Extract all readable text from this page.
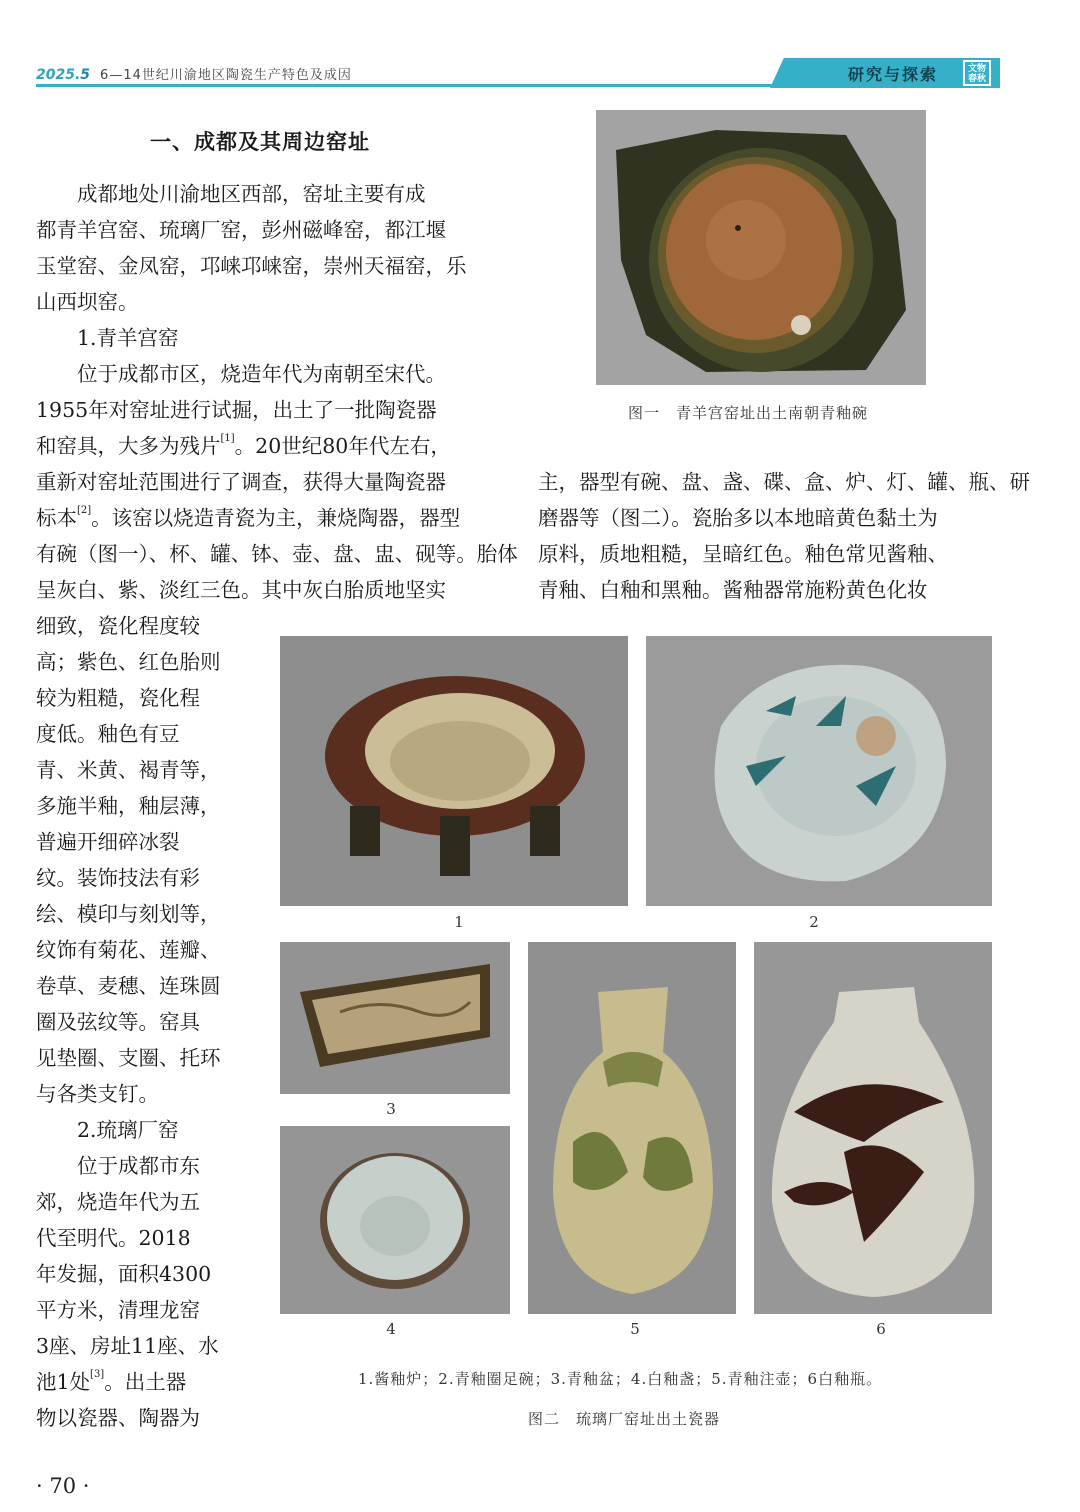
2025.5 6—14世纪川渝地区陶瓷生产特色及成因	研究与探索	文物
春秋
一、成都及其周边窑址
　　成都地处川渝地区西部，窑址主要有成
都青羊宫窑、琉璃厂窑，彭州磁峰窑，都江堰
玉堂窑、金凤窑，邛崃邛崃窑，崇州天福窑，乐
山西坝窑。
　　1.青羊宫窑
　　位于成都市区，烧造年代为南朝至宋代。
1955年对窑址进行试掘，出土了一批陶瓷器
和窑具，大多为残片[1]。20世纪80年代左右，
重新对窑址范围进行了调查，获得大量陶瓷器
标本[2]。该窑以烧造青瓷为主，兼烧陶器，器型
有碗（图一）、杯、罐、钵、壶、盘、盅、砚等。胎体
呈灰白、紫、淡红三色。其中灰白胎质地坚实
细致，瓷化程度较
高；紫色、红色胎则
较为粗糙，瓷化程
度低。釉色有豆
青、米黄、褐青等，
多施半釉，釉层薄，
普遍开细碎冰裂
纹。装饰技法有彩
绘、模印与刻划等，
纹饰有菊花、莲瓣、
卷草、麦穗、连珠圆
圈及弦纹等。窑具
见垫圈、支圈、托环
与各类支钉。
　　2.琉璃厂窑
　　位于成都市东
郊，烧造年代为五
代至明代。2018
年发掘，面积4300
平方米，清理龙窑
3座、房址11座、水
池1处[3]。出土器
物以瓷器、陶器为
主，器型有碗、盘、盏、碟、盒、炉、灯、罐、瓶、研
磨器等（图二）。瓷胎多以本地暗黄色黏土为
原料，质地粗糙，呈暗红色。釉色常见酱釉、
青釉、白釉和黑釉。酱釉器常施粉黄色化妆
图一　青羊宫窑址出土南朝青釉碗
1	2
3
4	5	6
1.酱釉炉；2.青釉圈足碗；3.青釉盆；4.白釉盏；5.青釉注壶；6白釉瓶。
图二　琉璃厂窑址出土瓷器
· 70 ·
